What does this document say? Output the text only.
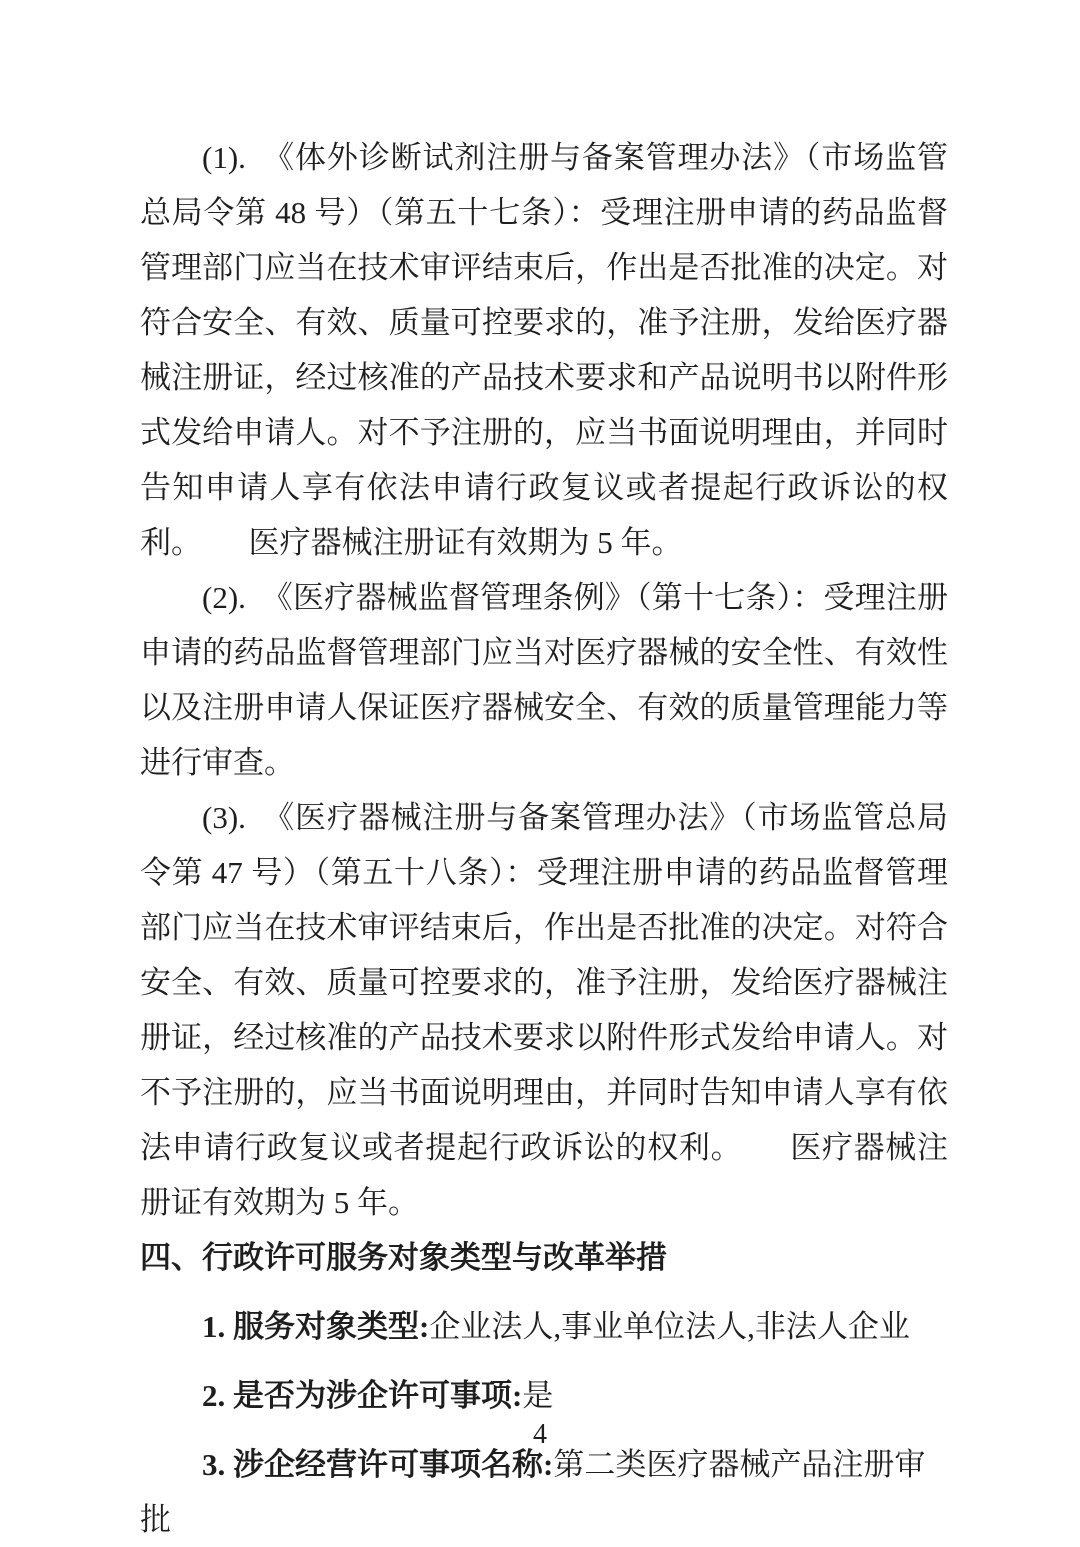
(1).　《体外诊断试剂注册与备案管理办法》（市场监管总局令第 48 号）（第五十七条）：受理注册申请的药品监督管理部门应当在技术审评结束后，作出是否批准的决定。对符合安全、有效、质量可控要求的，准予注册，发给医疗器械注册证，经过核准的产品技术要求和产品说明书以附件形式发给申请人。对不予注册的，应当书面说明理由，并同时告知申请人享有依法申请行政复议或者提起行政诉讼的权利。　　医疗器械注册证有效期为 5 年。

(2).　《医疗器械监督管理条例》（第十七条）：受理注册申请的药品监督管理部门应当对医疗器械的安全性、有效性以及注册申请人保证医疗器械安全、有效的质量管理能力等进行审查。

(3).　《医疗器械注册与备案管理办法》（市场监管总局令第 47 号）（第五十八条）：受理注册申请的药品监督管理部门应当在技术审评结束后，作出是否批准的决定。对符合安全、有效、质量可控要求的，准予注册，发给医疗器械注册证，经过核准的产品技术要求以附件形式发给申请人。对不予注册的，应当书面说明理由，并同时告知申请人享有依法申请行政复议或者提起行政诉讼的权利。　　医疗器械注册证有效期为 5 年。

四、行政许可服务对象类型与改革举措

1. 服务对象类型:企业法人,事业单位法人,非法人企业

2. 是否为涉企许可事项:是

3. 涉企经营许可事项名称:第二类医疗器械产品注册审批

4
